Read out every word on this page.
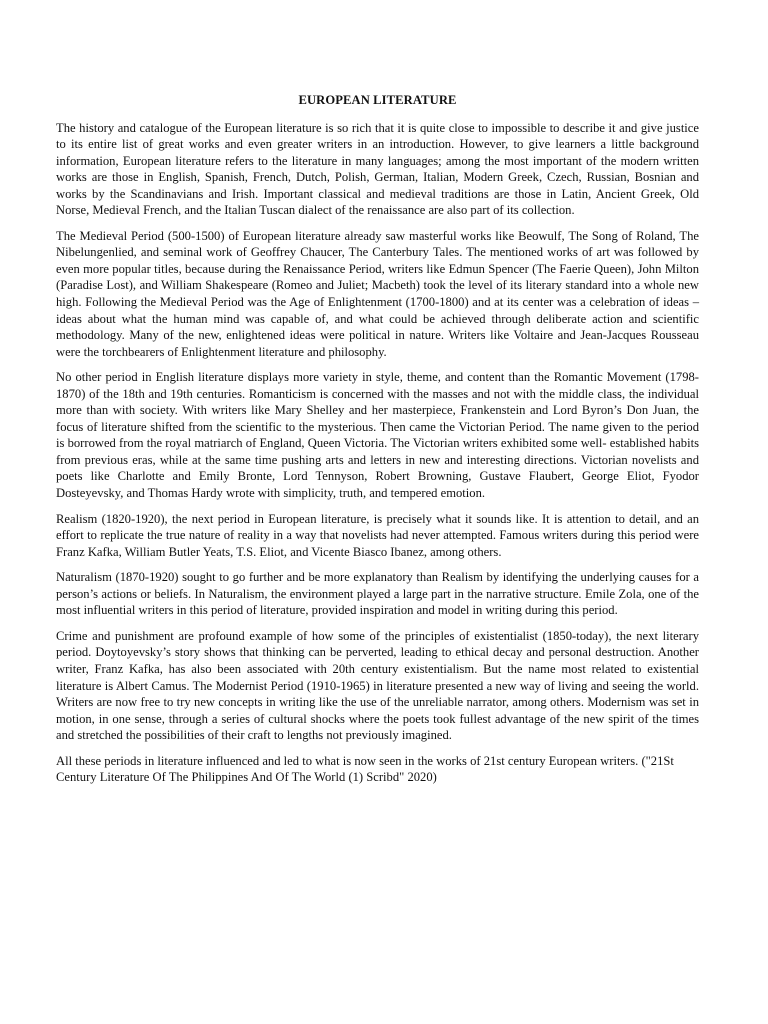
EUROPEAN LITERATURE

The history and catalogue of the European literature is so rich that it is quite close to impossible to describe it and give justice to its entire list of great works and even greater writers in an introduction. However, to give learners a little background information, European literature refers to the literature in many languages; among the most important of the modern written works are those in English, Spanish, French, Dutch, Polish, German, Italian, Modern Greek, Czech, Russian, Bosnian and works by the Scandinavians and Irish. Important classical and medieval traditions are those in Latin, Ancient Greek, Old Norse, Medieval French, and the Italian Tuscan dialect of the renaissance are also part of its collection.

The Medieval Period (500-1500) of European literature already saw masterful works like Beowulf, The Song of Roland, The Nibelungenlied, and seminal work of Geoffrey Chaucer, The Canterbury Tales. The mentioned works of art was followed by even more popular titles, because during the Renaissance Period, writers like Edmun Spencer (The Faerie Queen), John Milton (Paradise Lost), and William Shakespeare (Romeo and Juliet; Macbeth) took the level of its literary standard into a whole new high. Following the Medieval Period was the Age of Enlightenment (1700-1800) and at its center was a celebration of ideas – ideas about what the human mind was capable of, and what could be achieved through deliberate action and scientific methodology. Many of the new, enlightened ideas were political in nature. Writers like Voltaire and Jean-Jacques Rousseau were the torchbearers of Enlightenment literature and philosophy.

No other period in English literature displays more variety in style, theme, and content than the Romantic Movement (1798-1870) of the 18th and 19th centuries. Romanticism is concerned with the masses and not with the middle class, the individual more than with society. With writers like Mary Shelley and her masterpiece, Frankenstein and Lord Byron’s Don Juan, the focus of literature shifted from the scientific to the mysterious. Then came the Victorian Period. The name given to the period is borrowed from the royal matriarch of England, Queen Victoria. The Victorian writers exhibited some well- established habits from previous eras, while at the same time pushing arts and letters in new and interesting directions. Victorian novelists and poets like Charlotte and Emily Bronte, Lord Tennyson, Robert Browning, Gustave Flaubert, George Eliot, Fyodor Dosteyevsky, and Thomas Hardy wrote with simplicity, truth, and tempered emotion.

Realism (1820-1920), the next period in European literature, is precisely what it sounds like. It is attention to detail, and an effort to replicate the true nature of reality in a way that novelists had never attempted. Famous writers during this period were Franz Kafka, William Butler Yeats, T.S. Eliot, and Vicente Biasco Ibanez, among others.

Naturalism (1870-1920) sought to go further and be more explanatory than Realism by identifying the underlying causes for a person’s actions or beliefs. In Naturalism, the environment played a large part in the narrative structure. Emile Zola, one of the most influential writers in this period of literature, provided inspiration and model in writing during this period.

Crime and punishment are profound example of how some of the principles of existentialist (1850-today), the next literary period. Doytoyevsky’s story shows that thinking can be perverted, leading to ethical decay and personal destruction. Another writer, Franz Kafka, has also been associated with 20th century existentialism. But the name most related to existential literature is Albert Camus. The Modernist Period (1910-1965) in literature presented a new way of living and seeing the world. Writers are now free to try new concepts in writing like the use of the unreliable narrator, among others. Modernism was set in motion, in one sense, through a series of cultural shocks where the poets took fullest advantage of the new spirit of the times and stretched the possibilities of their craft to lengths not previously imagined.

All these periods in literature influenced and led to what is now seen in the works of 21st century European writers. ("21St Century Literature Of The Philippines And Of The World (1) Scribd" 2020)
